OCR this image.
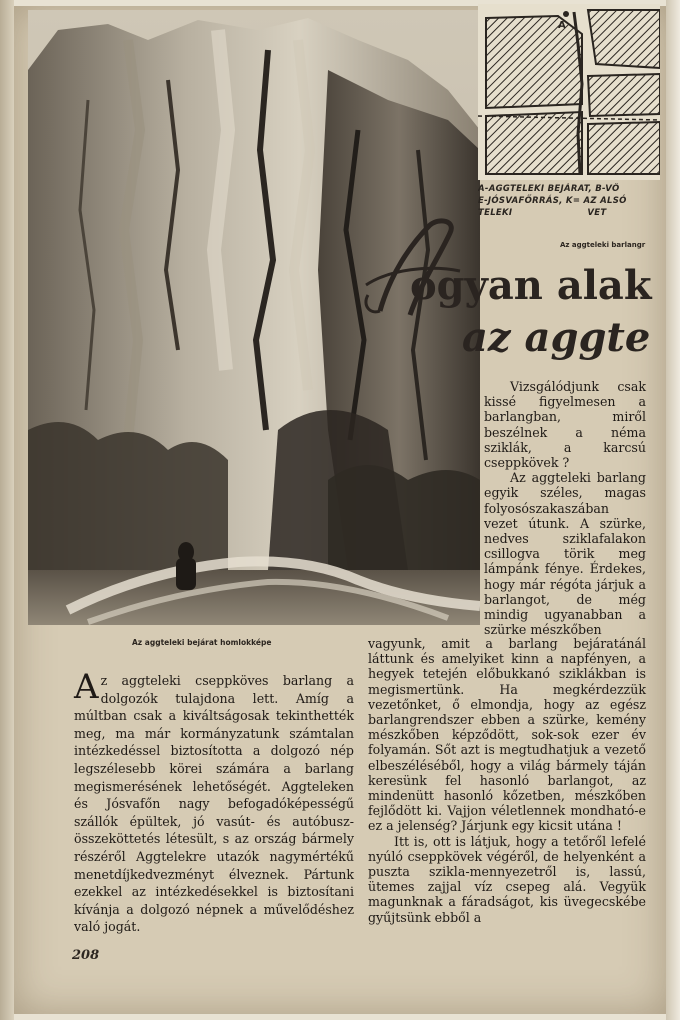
A
A-AGGTELEKI BEJÁRAT, B-VÖ
E-JÓSVAFŐRRÁS, K= AZ ALSÓ
TELEKI                       VET
Az aggteleki barlangr
H
ogyan alak
az aggte
Az aggteleki bejárat homlokképe

Vizsgálódjunk csak kissé figyelmesen a barlangban, miről beszélnek a néma sziklák, a karcsú cseppkövek ?

Az aggteleki barlang egyik széles, magas folyosószakaszában vezet útunk. A szürke, nedves sziklafalakon csillogva törik meg lámpánk fénye. Érdekes, hogy már régóta járjuk a barlangot, de még mindig ugyanabban a szürke mészkőben

vagyunk, amit a barlang bejáratánál láttunk és amelyiket kinn a napfényen, a hegyek tetején előbukkanó sziklákban is megismertünk. Ha megkérdezzük vezetőnket, ő elmondja, hogy az egész barlangrendszer ebben a szürke, kemény mészkőben képződött, sok-sok ezer év folyamán. Sőt azt is megtudhatjuk a vezető elbeszéléséből, hogy a világ bármely táján keresünk fel hasonló barlangot, az mindenütt hasonló kőzetben, mészkőben fejlődött ki. Vajjon véletlennek mondható-e ez a jelenség? Járjunk egy kicsit utána !

Itt is, ott is látjuk, hogy a tetőről lefelé nyúló cseppkövek végéről, de helyenként a puszta szikla-mennyezetről is, lassú, ütemes zajjal víz csepeg alá. Vegyük magunknak a fáradságot, kis üvegecskébe gyűjtsünk ebből a

A z aggteleki cseppköves barlang a dolgozók tulajdona lett. Amíg a múltban csak a kiváltságosak tekinthették meg, ma már kormányzatunk számtalan intézkedéssel biztosította a dolgozó nép legszélesebb körei számára a barlang megismerésének lehetőségét. Aggteleken és Jósvafőn nagy befogadóképességű szállók épültek, jó vasút- és autóbusz-összeköttetés létesült, s az ország bármely részéről Aggtelekre utazók nagymértékű menetdíjkedvezményt élveznek. Pártunk ezekkel az intézkedésekkel is biztosítani kívánja a dolgozó népnek a művelődéshez való jogát.
208
